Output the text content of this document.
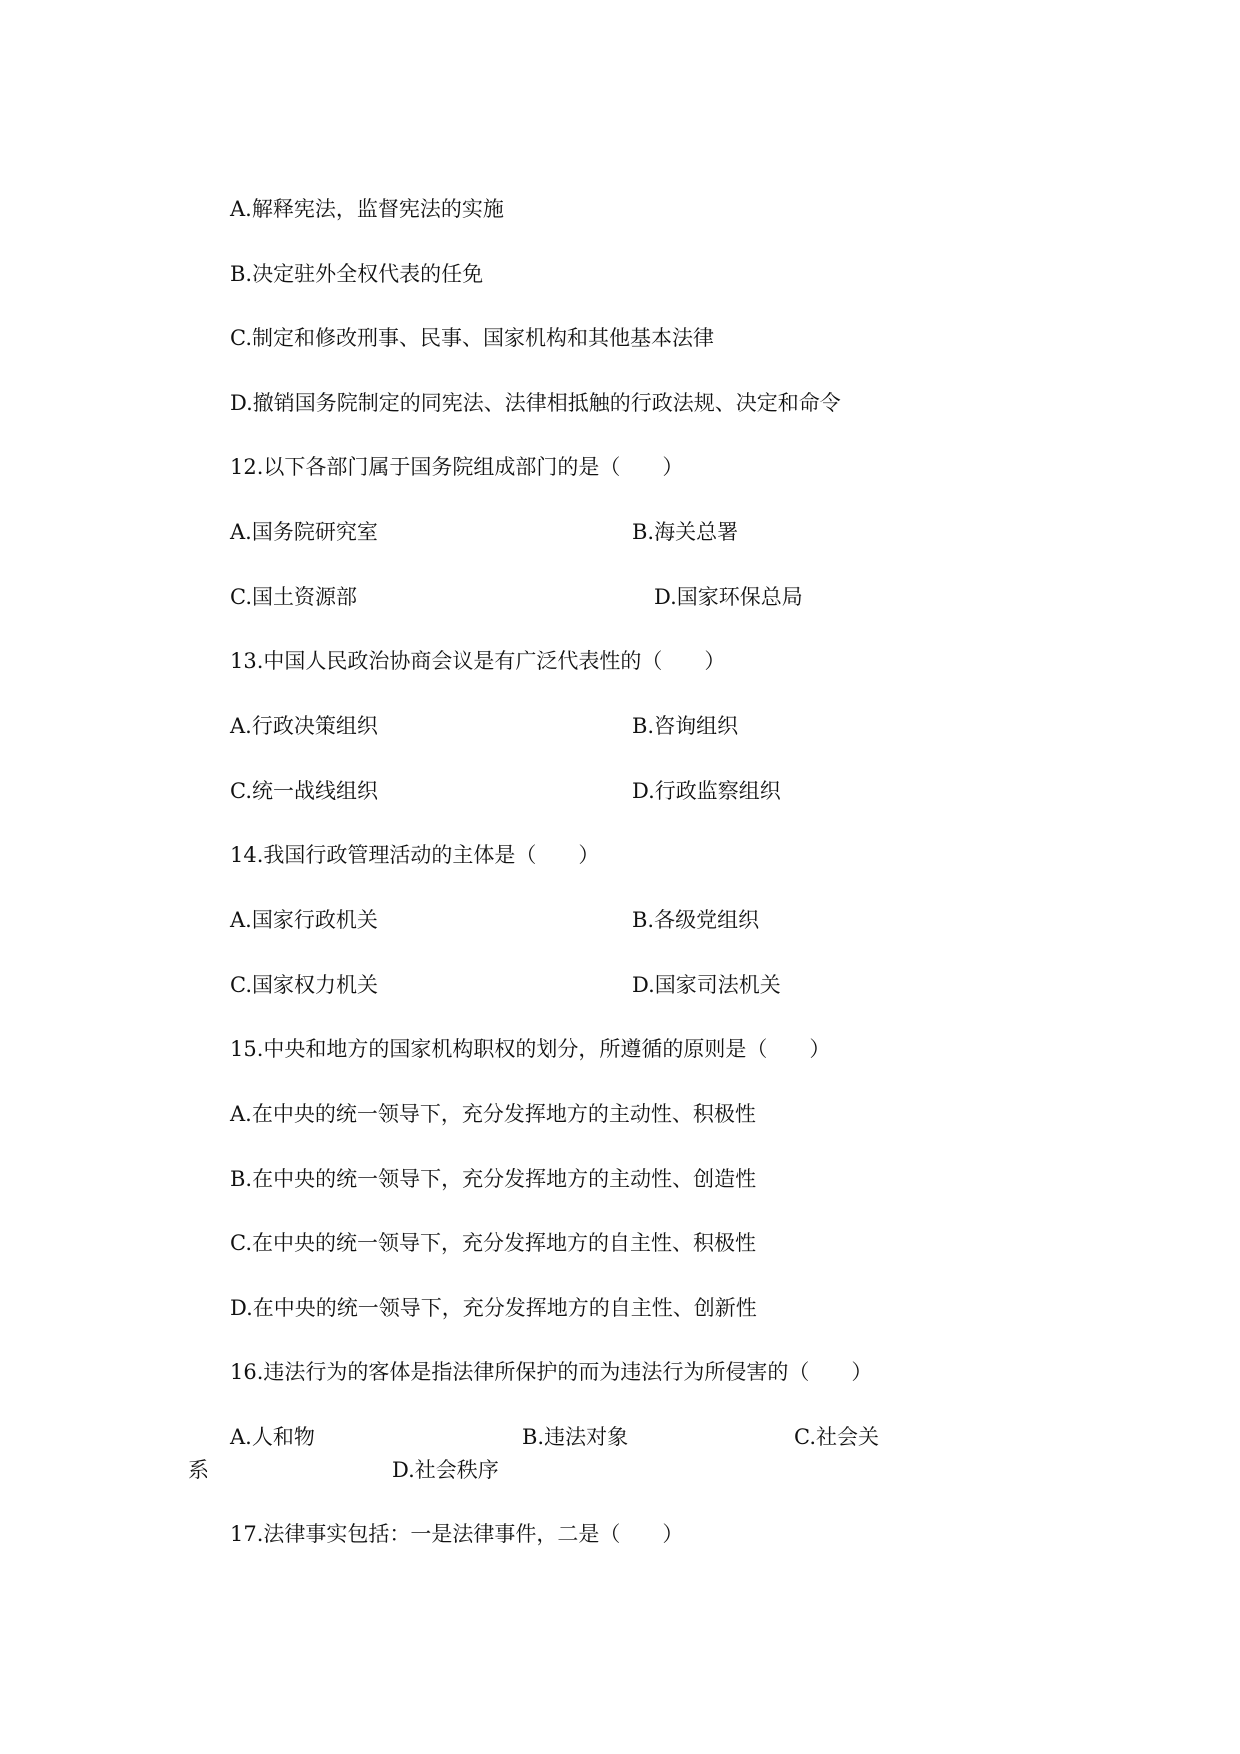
A.解释宪法，监督宪法的实施

B.决定驻外全权代表的任免

C.制定和修改刑事、民事、国家机构和其他基本法律

D.撤销国务院制定的同宪法、法律相抵触的行政法规、决定和命令

12.以下各部门属于国务院组成部门的是（　　）

A.国务院研究室	B.海关总署

C.国土资源部	D.国家环保总局

13.中国人民政治协商会议是有广泛代表性的（　　）

A.行政决策组织	B.咨询组织

C.统一战线组织	D.行政监察组织

14.我国行政管理活动的主体是（　　）

A.国家行政机关	B.各级党组织

C.国家权力机关	D.国家司法机关

15.中央和地方的国家机构职权的划分，所遵循的原则是（　　）

A.在中央的统一领导下，充分发挥地方的主动性、积极性

B.在中央的统一领导下，充分发挥地方的主动性、创造性

C.在中央的统一领导下，充分发挥地方的自主性、积极性

D.在中央的统一领导下，充分发挥地方的自主性、创新性

16.违法行为的客体是指法律所保护的而为违法行为所侵害的（　　）

A.人和物	B.违法对象	C.社会关

系	D.社会秩序

17.法律事实包括：一是法律事件，二是（　　）
